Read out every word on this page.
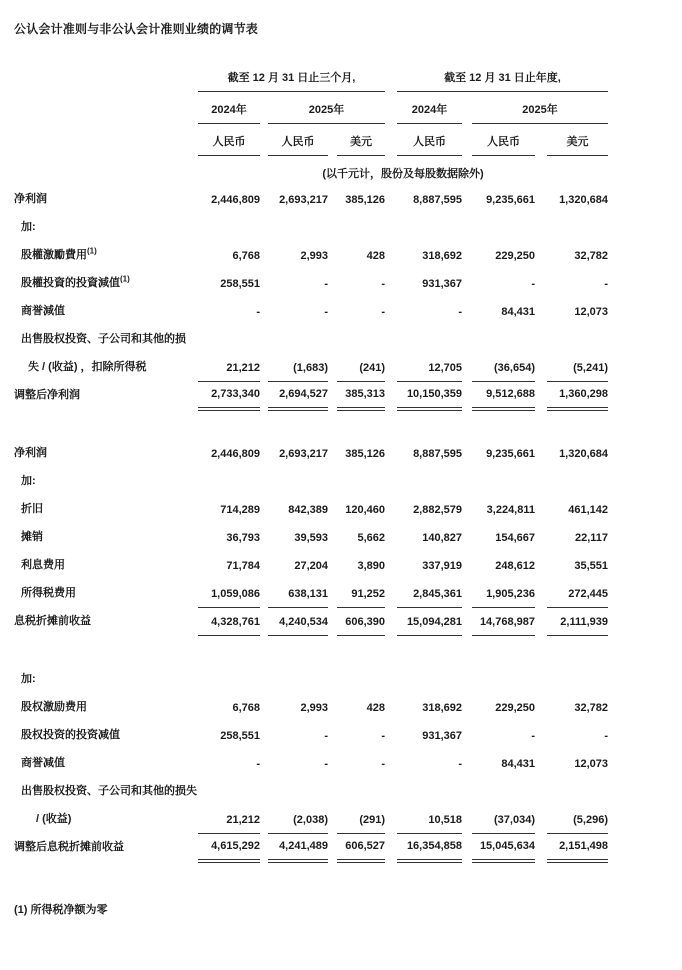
公认会计准则与非公认会计准则业绩的调节表
	截至 12 月 31 日止三个月,						截至 12 月 31 日止年度,				
	2024年		2025年				2024年		2025年		
	人民币		人民币		美元		人民币		人民币		美元
	(以千元计，股份及每股数据除外)										
净利润	2,446,809		2,693,217		385,126		8,887,595		9,235,661		1,320,684
加:											
股權激勵費用$^{(1)}$	6,768		2,993		428		318,692		229,250		32,782
股權投資的投資減值$^{(1)}$	258,551		-		-		931,367		-		-
商誉減值	-		-		-		-		84,431		12,073
出售股权投资、子公司和其他的损											
失 / (收益) ，扣除所得税	21,212		(1,683)		(241)		12,705		(36,654)		(5,241)
调整后净利润	2,733,340		2,694,527		385,313		10,150,359		9,512,688		1,360,298

净利润	2,446,809		2,693,217		385,126		8,887,595		9,235,661		1,320,684
加:											
折旧	714,289		842,389		120,460		2,882,579		3,224,811		461,142
摊销	36,793		39,593		5,662		140,827		154,667		22,117
利息费用	71,784		27,204		3,890		337,919		248,612		35,551
所得税费用	1,059,086		638,131		91,252		2,845,361		1,905,236		272,445
息税折摊前收益	4,328,761		4,240,534		606,390		15,094,281		14,768,987		2,111,939

加:											
股权激励费用	6,768		2,993		428		318,692		229,250		32,782
股权投资的投资减值	258,551		-		-		931,367		-		-
商誉减值	-		-		-		-		84,431		12,073
出售股权投资、子公司和其他的损失											
/ (收益)	21,212		(2,038)		(291)		10,518		(37,034)		(5,296)
调整后息税折摊前收益	4,615,292		4,241,489		606,527		16,354,858		15,045,634		2,151,498
(1) 所得税净额为零
